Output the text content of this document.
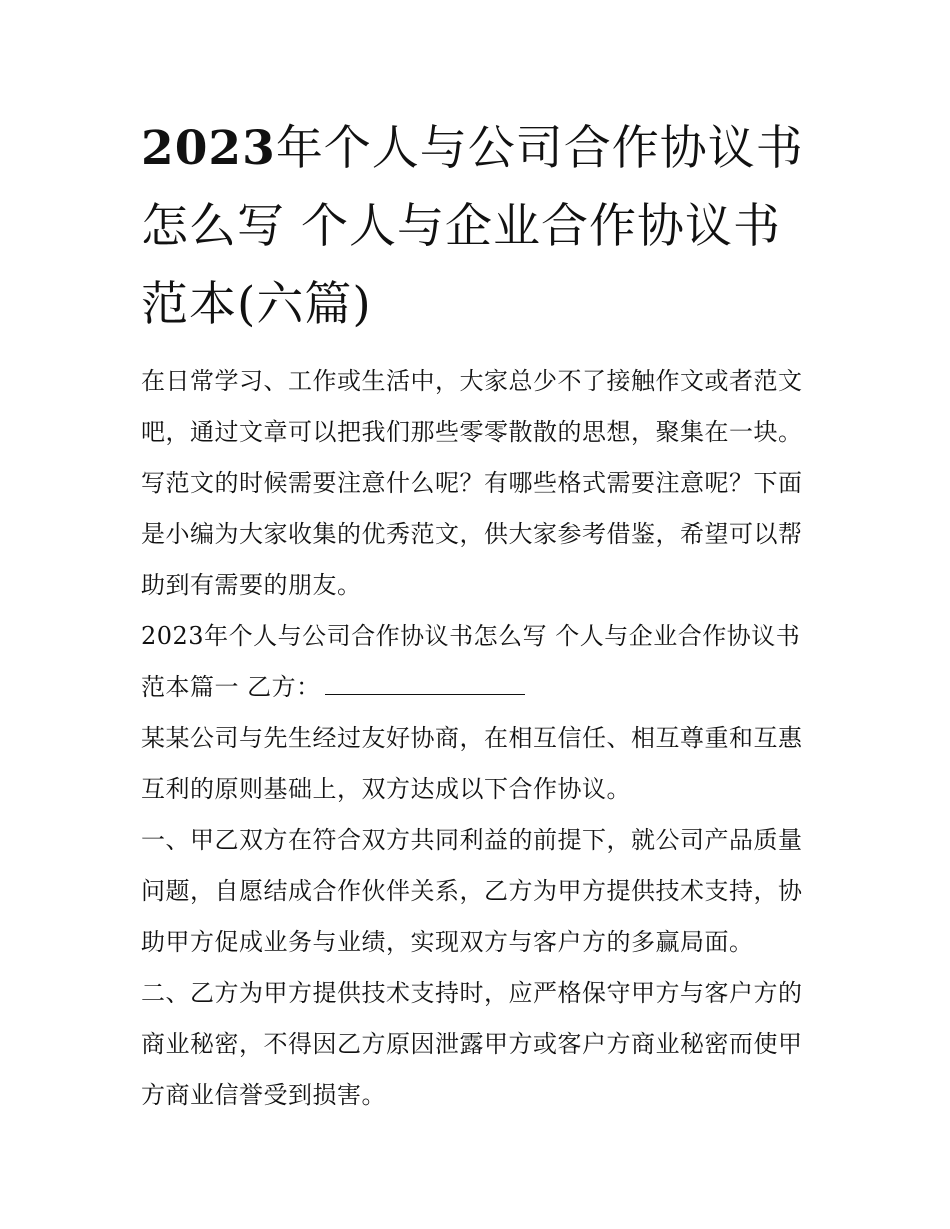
2023年个人与公司合作协议书怎么写 个人与企业合作协议书范本(六篇)

在日常学习、工作或生活中，大家总少不了接触作文或者范文吧，通过文章可以把我们那些零零散散的思想，聚集在一块。写范文的时候需要注意什么呢？有哪些格式需要注意呢？下面是小编为大家收集的优秀范文，供大家参考借鉴，希望可以帮助到有需要的朋友。

2023年个人与公司合作协议书怎么写 个人与企业合作协议书范本篇一 乙方：

某某公司与先生经过友好协商，在相互信任、相互尊重和互惠互利的原则基础上，双方达成以下合作协议。

一、甲乙双方在符合双方共同利益的前提下，就公司产品质量问题，自愿结成合作伙伴关系，乙方为甲方提供技术支持，协助甲方促成业务与业绩，实现双方与客户方的多赢局面。

二、乙方为甲方提供技术支持时，应严格保守甲方与客户方的商业秘密，不得因乙方原因泄露甲方或客户方商业秘密而使甲方商业信誉受到损害。
